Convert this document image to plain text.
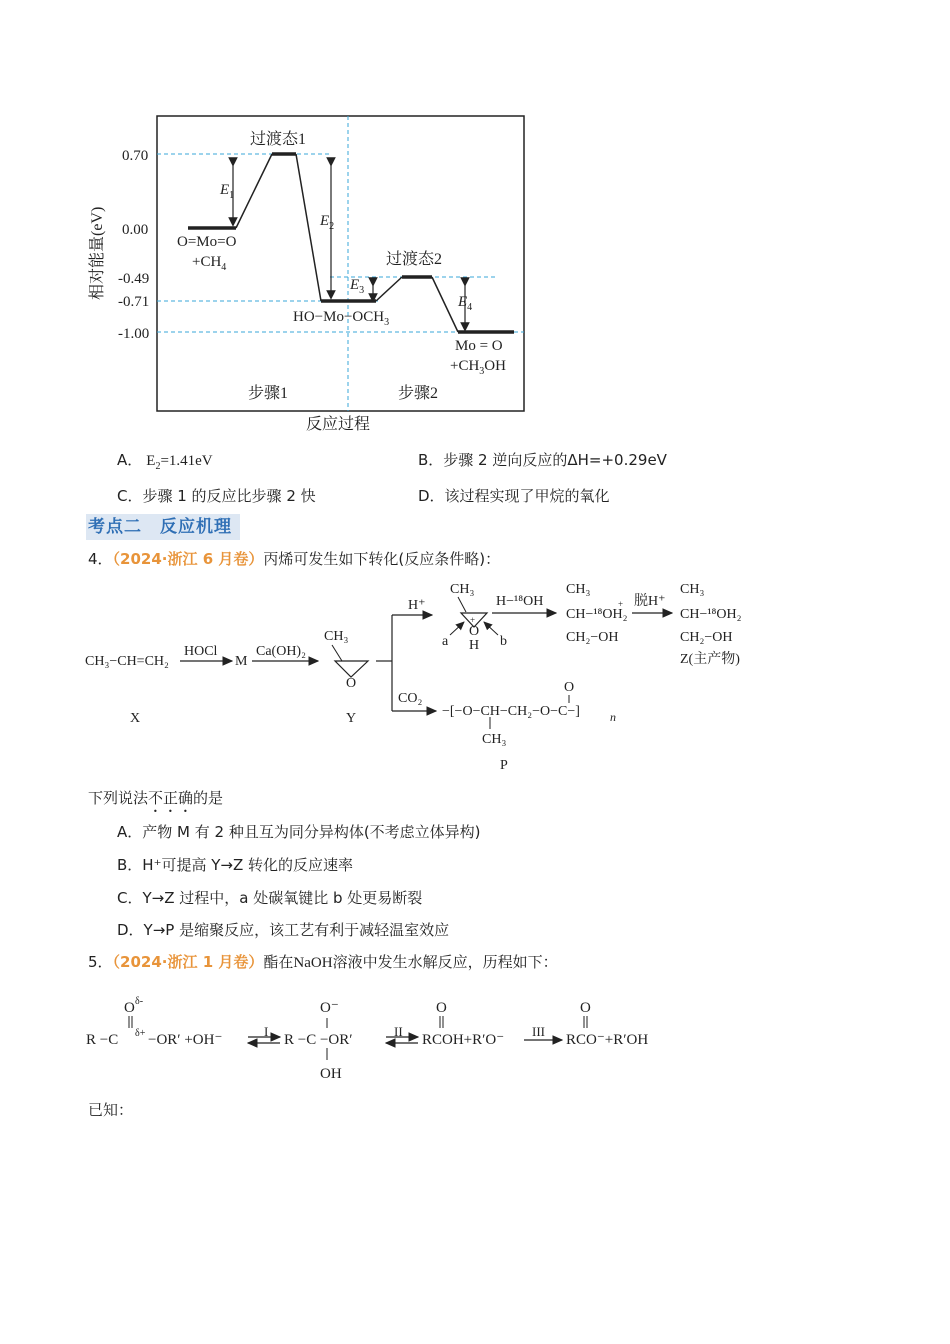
$E_1$
$E_2$
$E_3$
$E_4$
0.70
0.00
-0.49
-0.71
-1.00
相对能量(eV)
过渡态1
过渡态2
O=Mo=O
$+CH_4$
$HO-Mo-OCH_3$
Mo = O
$+CH_3OH$
步骤1	步骤2
反应过程
A． $E_2=1.41eV$	B．步骤 2 逆向反应的ΔH=+0.29eV
C．步骤 1 的反应比步骤 2 快	D．该过程实现了甲烷的氧化
考点二　反应机理
4．（2024·浙江 6 月卷）丙烯可发生如下转化(反应条件略)：
CH₃−CH=CH₂
X
HOCl
M
Ca(OH)₂
CH₃
O
Y
H⁺
CO₂
CH₃
O
+
H
a	b
H−¹⁸OH
CH₃
CH−¹⁸OH₂
+
CH₂−OH
脱H⁺
CH₃
CH−¹⁸OH₂
CH₂−OH
Z(主产物)
−[−O−CH−CH₂−O−C−]	n
O
CH₃
P
下列说法不正确的是
A．产物 M 有 2 种且互为同分异构体(不考虑立体异构)
B．H⁺可提高 Y→Z 转化的反应速率
C．Y→Z 过程中，a 处碳氧键比 b 处更易断裂
D．Y→P 是缩聚反应，该工艺有利于减轻温室效应
5．（2024·浙江 1 月卷）酯在NaOH溶液中发生水解反应，历程如下：
O δ-
R −C δ+ −OR′ +OH⁻
I
O⁻
R −C −OR′
OH
II
O
RCOH+R′O⁻
III
O
RCO⁻+R′OH
已知：
